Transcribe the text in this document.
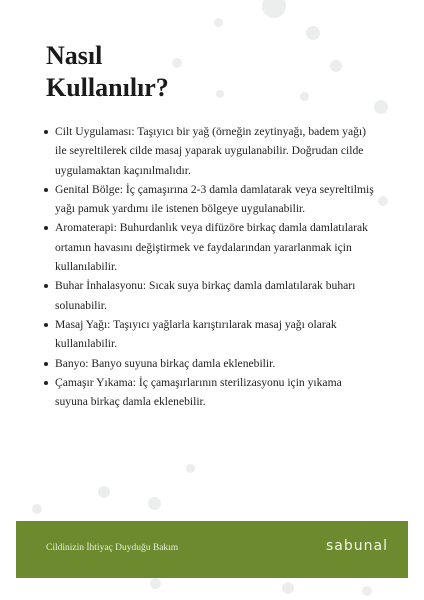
Nasıl
Kullanılır?
Cilt Uygulaması: Taşıyıcı bir yağ (örneğin zeytinyağı, badem yağı) ile seyreltilerek cilde masaj yaparak uygulanabilir. Doğrudan cilde uygulamaktan kaçınılmalıdır.
Genital Bölge: İç çamaşırına 2-3 damla damlatarak veya seyreltilmiş yağı pamuk yardımı ile istenen bölgeye uygulanabilir.
Aromaterapi: Buhurdanlık veya difüzöre birkaç damla damlatılarak ortamın havasını değiştirmek ve faydalarından yararlanmak için kullanılabilir.
Buhar İnhalasyonu: Sıcak suya birkaç damla damlatılarak buharı solunabilir.
Masaj Yağı: Taşıyıcı yağlarla karıştırılarak masaj yağı olarak kullanılabilir.
Banyo: Banyo suyuna birkaç damla eklenebilir.
Çamaşır Yıkama: İç çamaşırlarının sterilizasyonu için yıkama suyuna birkaç damla eklenebilir.
Cildinizin İhtiyaç Duyduğu Bakım	sabunal
